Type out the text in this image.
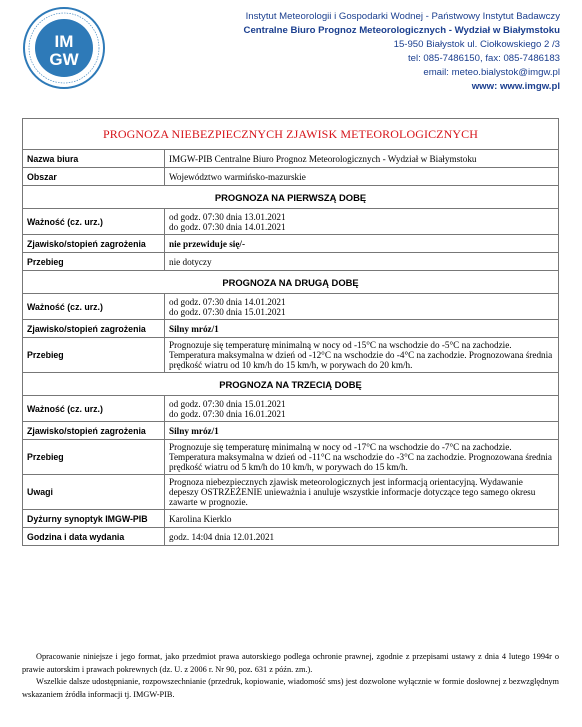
IM
GW
Instytut Meteorologii i Gospodarki Wodnej - Państwowy Instytut Badawczy
Centralne Biuro Prognoz Meteorologicznych - Wydział w Białymstoku
15-950 Białystok ul. Ciołkowskiego 2 /3
tel: 085-7486150, fax: 085-7486183
email: meteo.bialystok@imgw.pl
www: www.imgw.pl
PROGNOZA NIEBEZPIECZNYCH ZJAWISK METEOROLOGICZNYCH	
Nazwa biura	IMGW-PIB Centralne Biuro Prognoz Meteorologicznych - Wydział w Białymstoku
Obszar	Województwo warmińsko-mazurskie
PROGNOZA NA PIERWSZĄ DOBĘ	
Ważność (cz. urz.)	od godz. 07:30 dnia 13.01.2021
do godz. 07:30 dnia 14.01.2021

Zjawisko/stopień zagrożenia	nie przewiduje się/-
Przebieg	nie dotyczy
PROGNOZA NA DRUGĄ DOBĘ	
Ważność (cz. urz.)	od godz. 07:30 dnia 14.01.2021
do godz. 07:30 dnia 15.01.2021

Zjawisko/stopień zagrożenia	Silny mróz/1
Przebieg	Prognozuje się temperaturę minimalną w nocy od -15°C na wschodzie do -5°C na zachodzie. Temperatura maksymalna w dzień od -12°C na wschodzie do -4°C na zachodzie. Prognozowana średnia prędkość wiatru od 10 km/h do 15 km/h, w porywach do 20 km/h.
PROGNOZA NA TRZECIĄ DOBĘ	
Ważność (cz. urz.)	od godz. 07:30 dnia 15.01.2021
do godz. 07:30 dnia 16.01.2021

Zjawisko/stopień zagrożenia	Silny mróz/1
Przebieg	Prognozuje się temperaturę minimalną w nocy od -17°C na wschodzie do -7°C na zachodzie. Temperatura maksymalna w dzień od -11°C na wschodzie do -3°C na zachodzie. Prognozowana średnia prędkość wiatru od 5 km/h do 10 km/h, w porywach do 15 km/h.
Uwagi	Prognoza niebezpiecznych zjawisk meteorologicznych jest informacją orientacyjną. Wydawanie depeszy OSTRZEŻENIE unieważnia i anuluje wszystkie informacje dotyczące tego samego okresu zawarte w prognozie.
Dyżurny synoptyk IMGW-PIB	Karolina Kierklo
Godzina i data wydania	godz. 14:04 dnia 12.01.2021

Opracowanie niniejsze i jego format, jako przedmiot prawa autorskiego podlega ochronie prawnej, zgodnie z przepisami ustawy z dnia 4 lutego 1994r o prawie autorskim i prawach pokrewnych (dz. U. z 2006 r. Nr 90, poz. 631 z późn. zm.).

Wszelkie dalsze udostępnianie, rozpowszechnianie (przedruk, kopiowanie, wiadomość sms) jest dozwolone wyłącznie w formie dosłownej z bezwzględnym wskazaniem źródła informacji tj. IMGW-PIB.
